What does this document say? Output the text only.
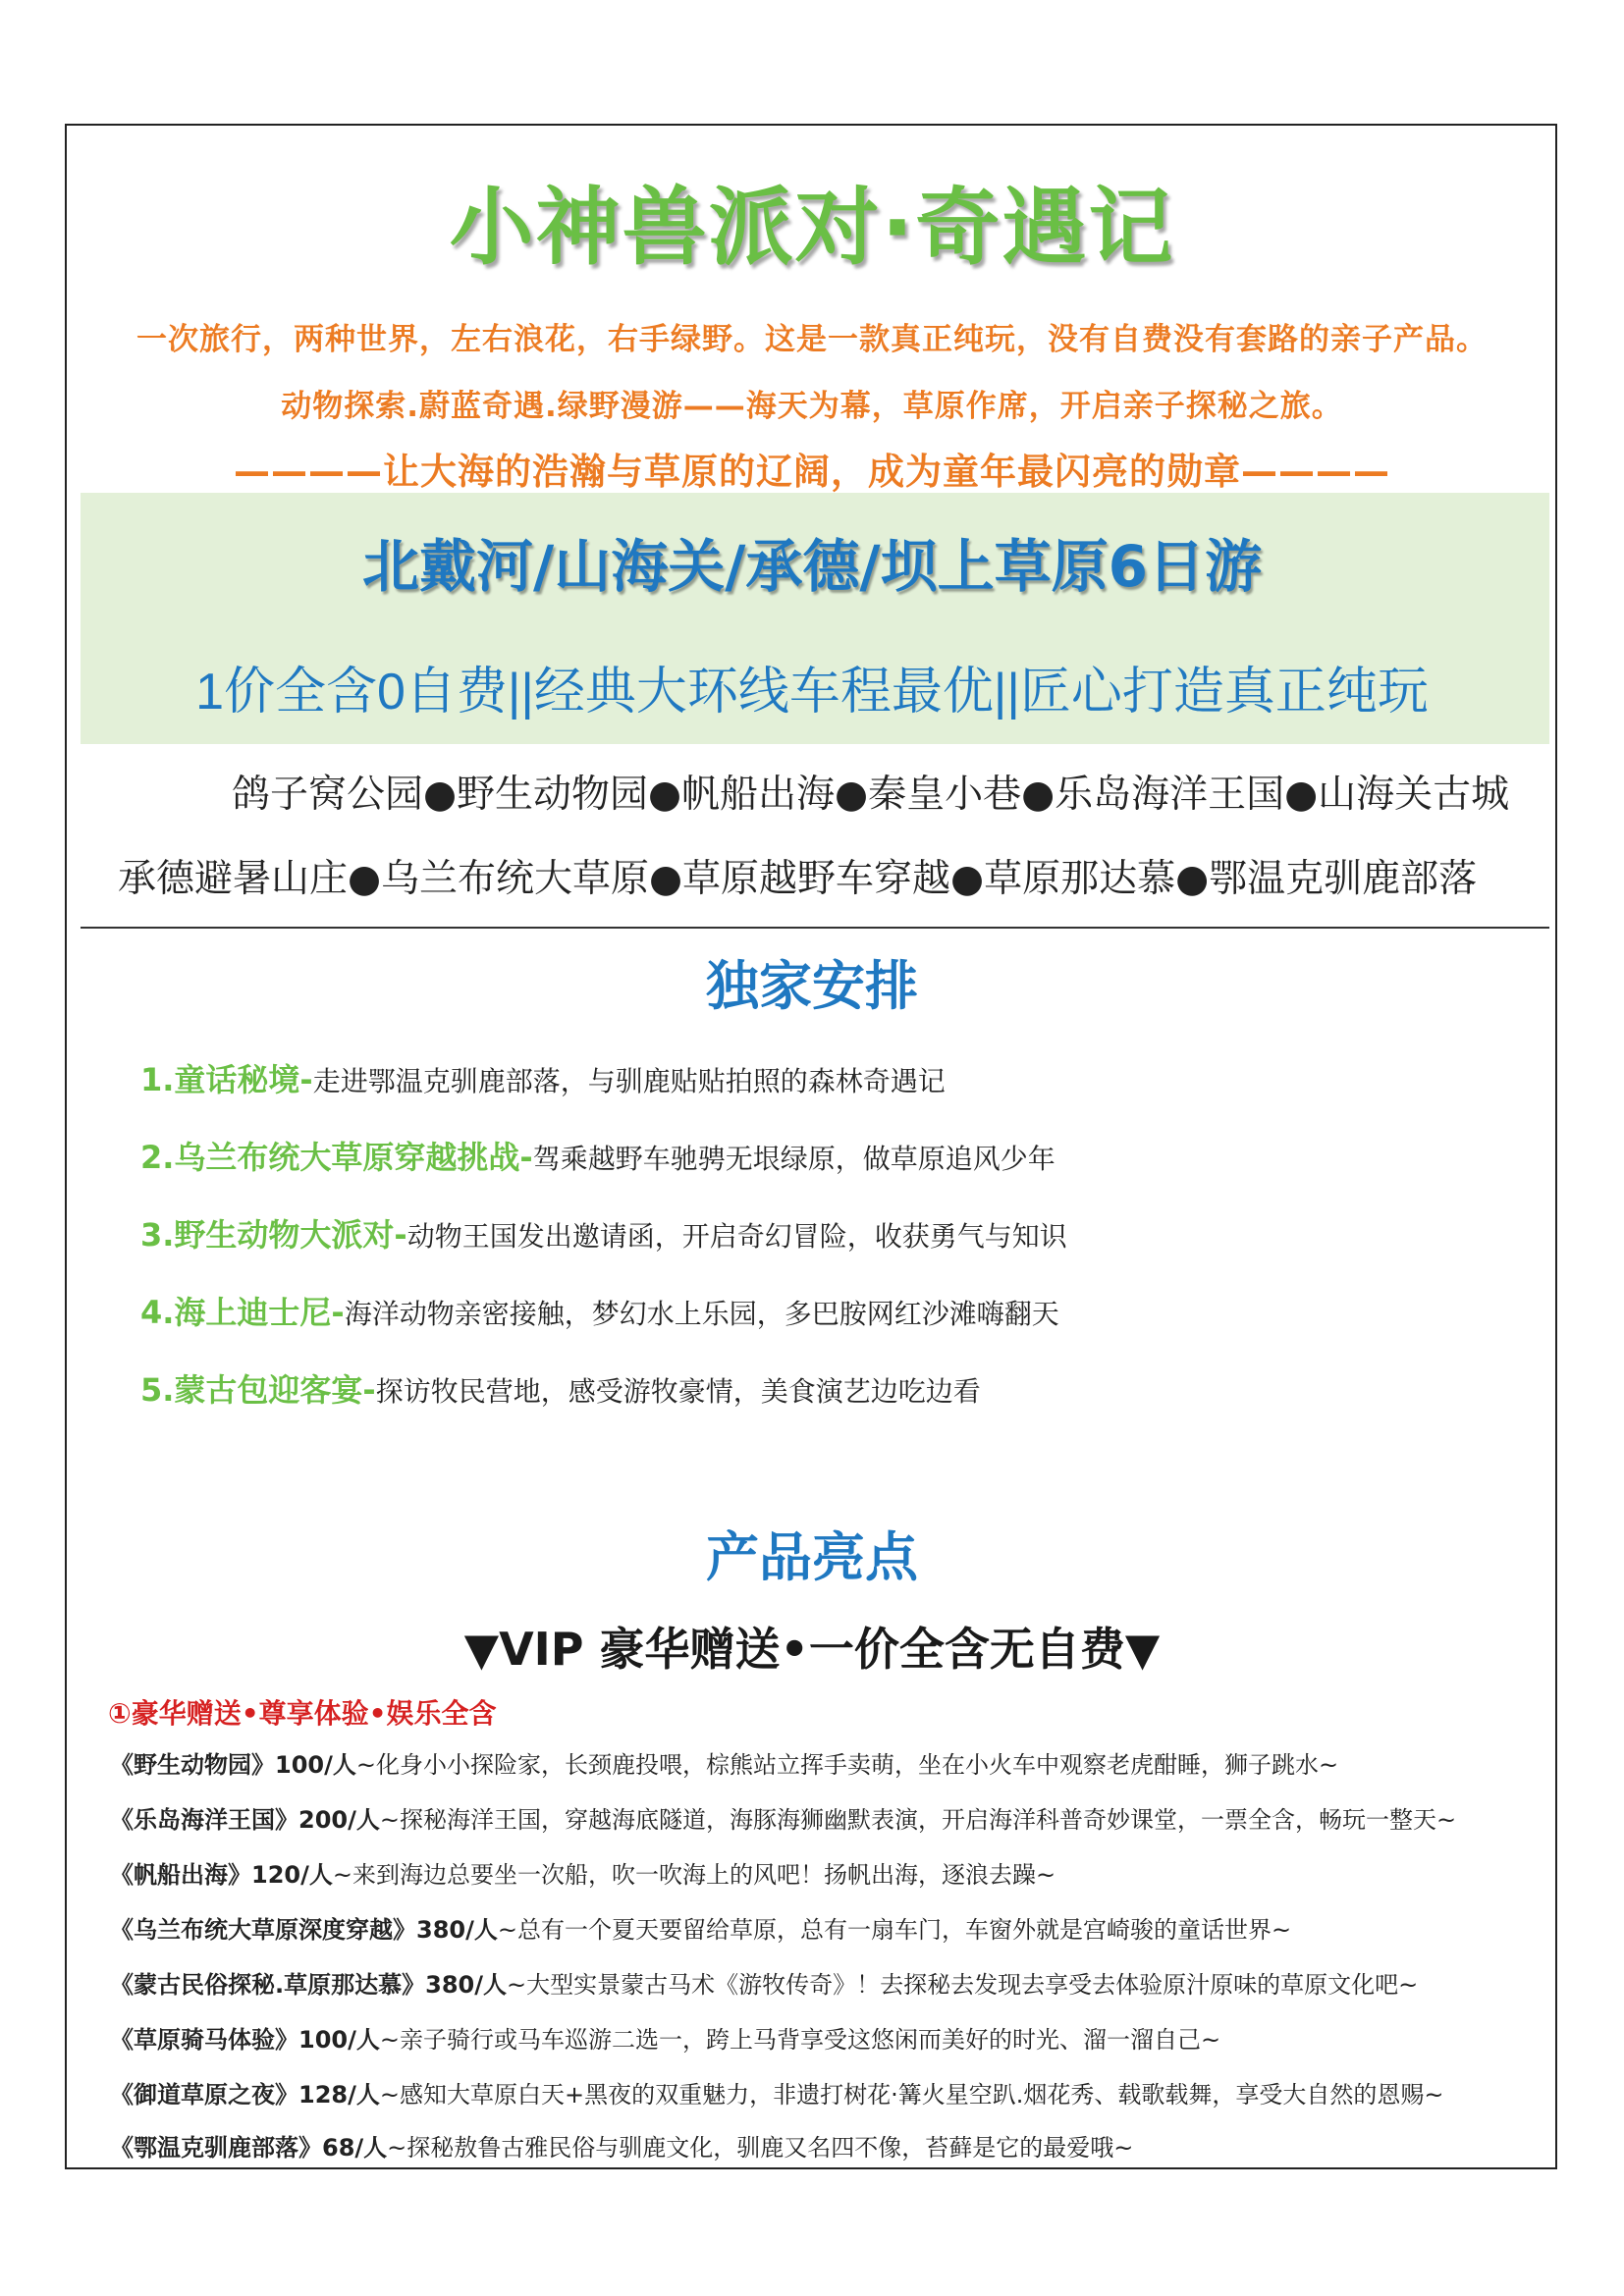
小神兽派对·奇遇记
一次旅行，两种世界，左右浪花，右手绿野。这是一款真正纯玩，没有自费没有套路的亲子产品。
动物探索.蔚蓝奇遇.绿野漫游——海天为幕，草原作席，开启亲子探秘之旅。
————让大海的浩瀚与草原的辽阔，成为童年最闪亮的勋章————
北戴河/山海关/承德/坝上草原6日游
1价全含0自费||经典大环线车程最优||匠心打造真正纯玩
鸽子窝公园●野生动物园●帆船出海●秦皇小巷●乐岛海洋王国●山海关古城
承德避暑山庄●乌兰布统大草原●草原越野车穿越●草原那达慕●鄂温克驯鹿部落
独家安排
1.童话秘境-走进鄂温克驯鹿部落，与驯鹿贴贴拍照的森林奇遇记
2.乌兰布统大草原穿越挑战-驾乘越野车驰骋无垠绿原，做草原追风少年
3.野生动物大派对-动物王国发出邀请函，开启奇幻冒险，收获勇气与知识
4.海上迪士尼-海洋动物亲密接触，梦幻水上乐园，多巴胺网红沙滩嗨翻天
5.蒙古包迎客宴-探访牧民营地，感受游牧豪情，美食演艺边吃边看
产品亮点
▼VIP 豪华赠送•一价全含无自费▼
①豪华赠送•尊享体验•娱乐全含
《野生动物园》100/人~化身小小探险家，长颈鹿投喂，棕熊站立挥手卖萌，坐在小火车中观察老虎酣睡，狮子跳水~
《乐岛海洋王国》200/人~探秘海洋王国，穿越海底隧道，海豚海狮幽默表演，开启海洋科普奇妙课堂，一票全含，畅玩一整天~
《帆船出海》120/人~来到海边总要坐一次船，吹一吹海上的风吧！扬帆出海，逐浪去躁~
《乌兰布统大草原深度穿越》380/人~总有一个夏天要留给草原，总有一扇车门，车窗外就是宫崎骏的童话世界~
《蒙古民俗探秘.草原那达慕》380/人~大型实景蒙古马术《游牧传奇》！去探秘去发现去享受去体验原汁原味的草原文化吧~
《草原骑马体验》100/人~亲子骑行或马车巡游二选一，跨上马背享受这悠闲而美好的时光、溜一溜自己~
《御道草原之夜》128/人~感知大草原白天+黑夜的双重魅力，非遗打树花·篝火星空趴.烟花秀、载歌载舞，享受大自然的恩赐~
《鄂温克驯鹿部落》68/人~探秘敖鲁古雅民俗与驯鹿文化，驯鹿又名四不像，苔藓是它的最爱哦~
